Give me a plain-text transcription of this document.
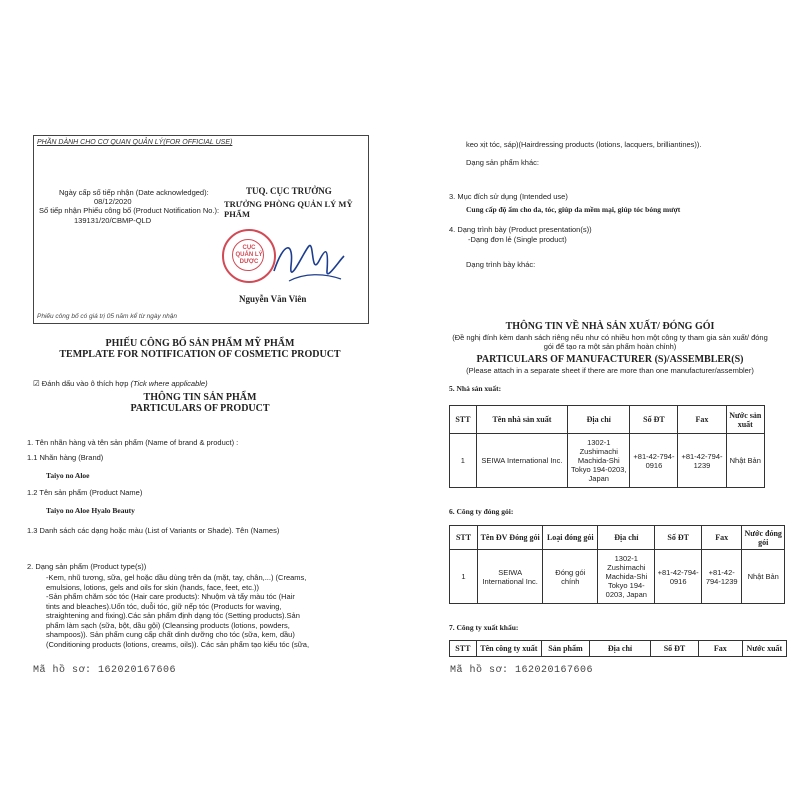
PHẦN DÀNH CHO CƠ QUAN QUẢN LÝ(FOR OFFICIAL USE)
Ngày cấp số tiếp nhận (Date acknowledged):
08/12/2020
Số tiếp nhận Phiếu công bố (Product Notification No.):
139131/20/CBMP-QLD
TUQ. CỤC TRƯỞNG
TRƯỞNG PHÒNG QUẢN LÝ MỸ PHẨM
Nguyễn Văn Viên
Phiếu công bố có giá trị 05 năm kể từ ngày nhận
CỤC
QUẢN LÝ
DƯỢC
PHIẾU CÔNG BỐ SẢN PHẨM MỸ PHẨM
TEMPLATE FOR NOTIFICATION OF COSMETIC PRODUCT
☑ Đánh dấu vào ô thích hợp (Tick where applicable)
THÔNG TIN SẢN PHẨM
PARTICULARS OF PRODUCT
1. Tên nhãn hàng và tên sản phẩm (Name of brand & product) :
1.1 Nhãn hàng (Brand)
Taiyo no Aloe
1.2 Tên sản phẩm (Product Name)
Taiyo no Aloe Hyalo Beauty
1.3 Danh sách các dạng hoặc màu (List of Variants or Shade). Tên (Names)
2. Dạng sản phẩm (Product type(s))
-Kem, nhũ tương, sữa, gel hoặc dầu dùng trên da (mặt, tay, chân,...) (Creams,
emulsions, lotions, gels and oils for skin (hands, face, feet, etc.))
-Sản phẩm chăm sóc tóc (Hair care products): Nhuộm và tẩy màu tóc (Hair
tints and bleaches).Uốn tóc, duỗi tóc, giữ nếp tóc (Products for waving,
straightening and fixing).Các sản phẩm định dạng tóc (Setting products).Sản
phẩm làm sạch (sữa, bột, dầu gội) (Cleansing products (lotions, powders,
shampoos)). Sản phẩm cung cấp chất dinh dưỡng cho tóc (sữa, kem, dầu)
(Conditioning products (lotions, creams, oils)). Các sản phẩm tạo kiểu tóc (sữa,
Mã hồ sơ: 162020167606
keo xịt tóc, sáp)(Hairdressing products (lotions, lacquers, brilliantines)).
Dạng sản phẩm khác:
3. Mục đích sử dụng (Intended use)
Cung cấp độ ẩm cho da, tóc, giúp da mềm mại, giúp tóc bóng mượt
4. Dạng trình bày (Product presentation(s))
-Dạng đơn lẻ (Single product)
Dạng trình bày khác:
THÔNG TIN VỀ NHÀ SẢN XUẤT/ ĐÓNG GÓI
(Đề nghị đính kèm danh sách riêng nếu như có nhiều hơn một công ty tham gia sản xuất/ đóng
gói để tạo ra một sản phẩm hoàn chỉnh)
PARTICULARS OF MANUFACTURER (S)/ASSEMBLER(S)
(Please attach in a separate sheet if there are more than one manufacturer/assembler)
5. Nhà sản xuất:
STT	Tên nhà sản xuất	Địa chỉ	Số ĐT	Fax	Nước sản xuất
1	SEIWA International Inc.	1302-1 Zushimachi Machida-Shi Tokyo 194-0203, Japan	+81-42-794-0916	+81-42-794-1239	Nhật Bản
6. Công ty đóng gói:
STT	Tên ĐV Đóng gói	Loại đóng gói	Địa chỉ	Số ĐT	Fax	Nước đóng gói
1	SEIWA International Inc.	Đóng gói chính	1302-1 Zushimachi Machida-Shi Tokyo 194-0203, Japan	+81-42-794-0916	+81-42-794-1239	Nhật Bản
7. Công ty xuất khẩu:
STT	Tên công ty xuất	Sản phẩm	Địa chỉ	Số ĐT	Fax	Nước xuất
Mã hồ sơ: 162020167606
